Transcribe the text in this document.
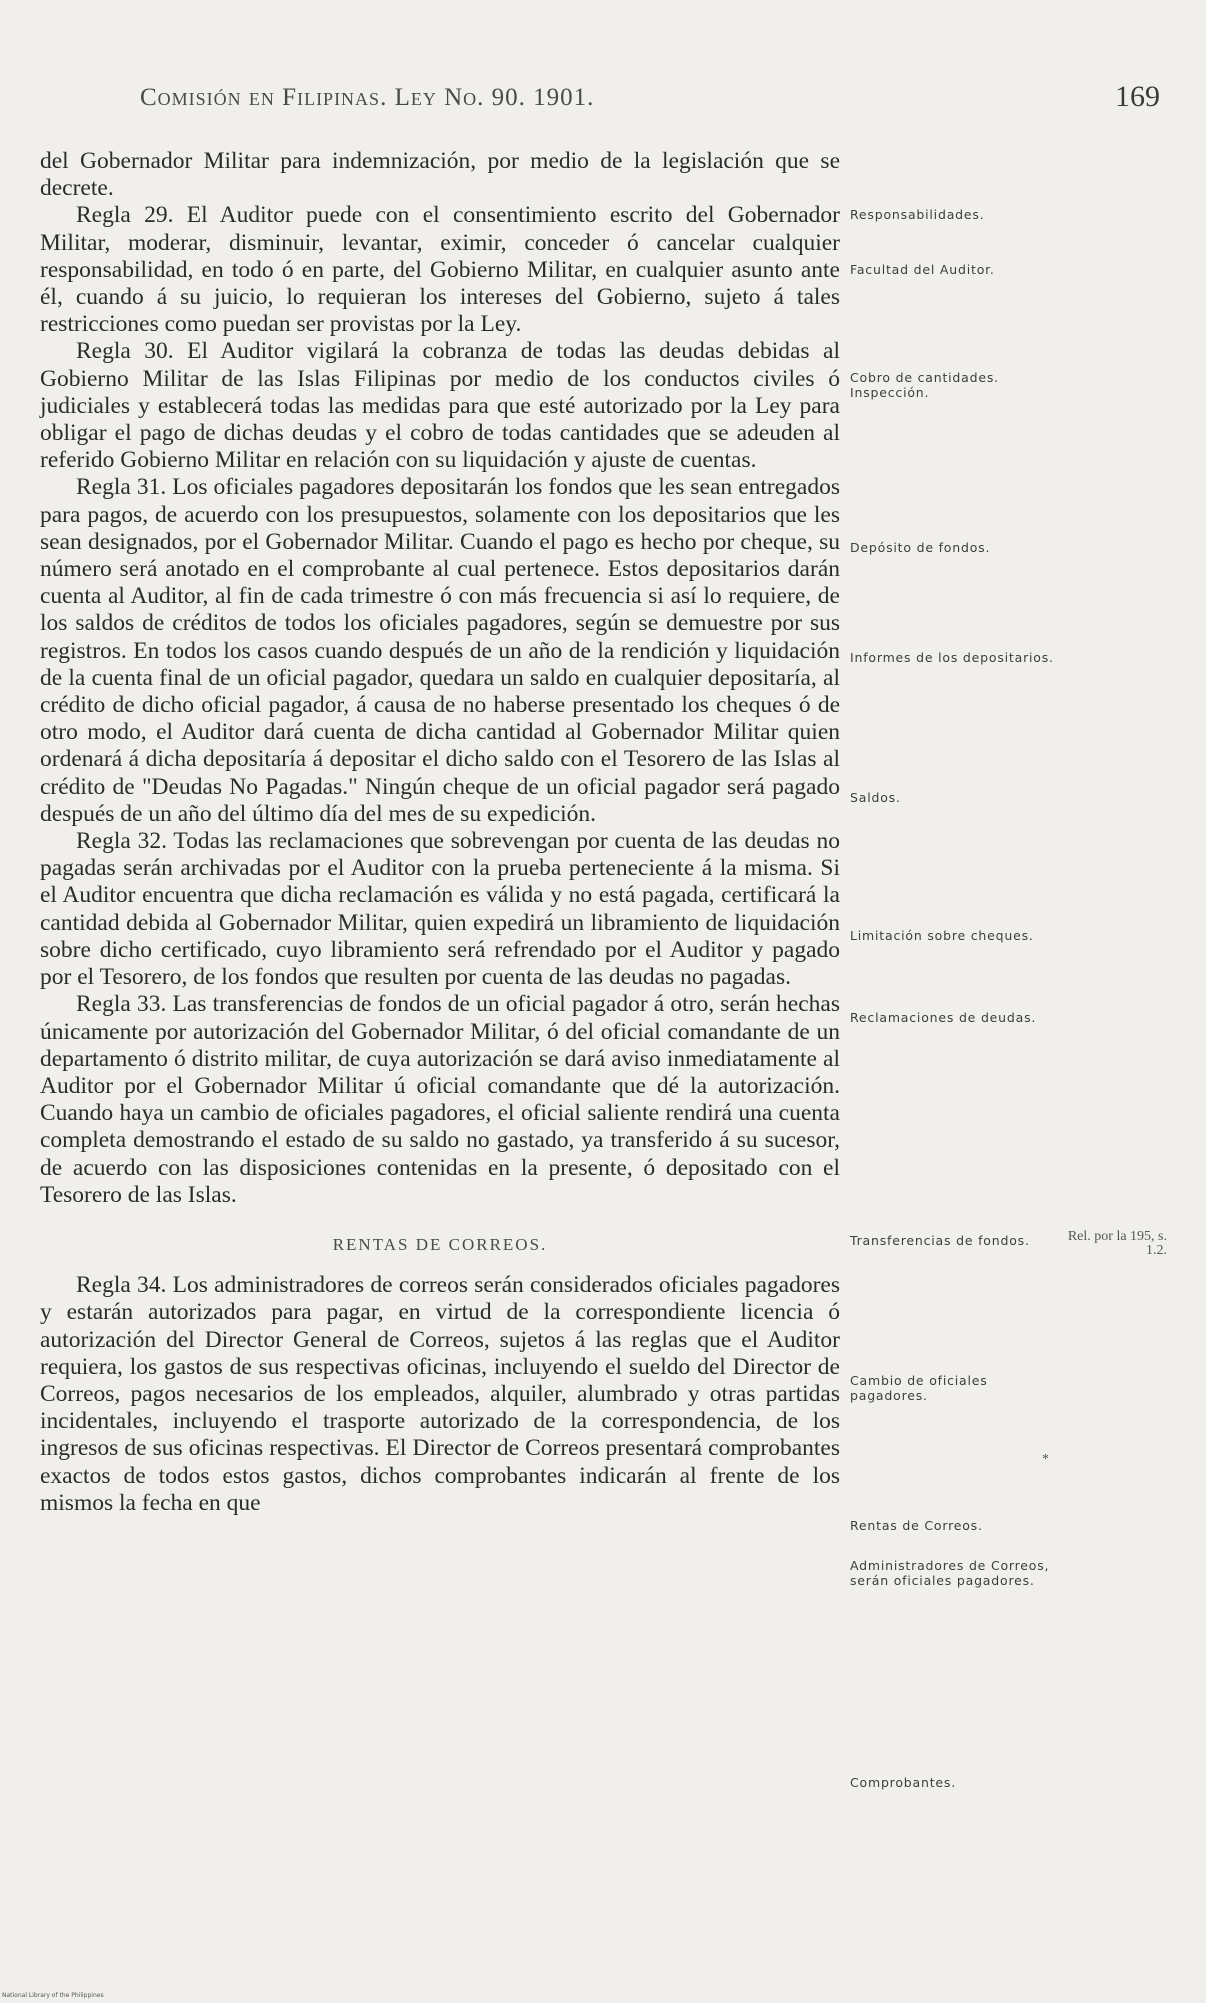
Comisión en Filipinas. Ley No. 90. 1901.	169

del Gobernador Militar para indemnización, por medio de la legislación que se decrete.

Regla 29. El Auditor puede con el consentimiento escrito del Gobernador Militar, moderar, disminuir, levantar, eximir, conceder ó cancelar cualquier responsabilidad, en todo ó en parte, del Gobierno Militar, en cualquier asunto ante él, cuando á su juicio, lo requieran los intereses del Gobierno, sujeto á tales restricciones como puedan ser provistas por la Ley.

Regla 30. El Auditor vigilará la cobranza de todas las deudas debidas al Gobierno Militar de las Islas Filipinas por medio de los conductos civiles ó judiciales y establecerá todas las medidas para que esté autorizado por la Ley para obligar el pago de dichas deudas y el cobro de todas cantidades que se adeuden al referido Gobierno Militar en relación con su liquidación y ajuste de cuentas.

Regla 31. Los oficiales pagadores depositarán los fondos que les sean entregados para pagos, de acuerdo con los presupuestos, solamente con los depositarios que les sean designados, por el Gobernador Militar. Cuando el pago es hecho por cheque, su número será anotado en el comprobante al cual pertenece. Estos depositarios darán cuenta al Auditor, al fin de cada trimestre ó con más frecuencia si así lo requiere, de los saldos de créditos de todos los oficiales pagadores, según se demuestre por sus registros. En todos los casos cuando después de un año de la rendición y liquidación de la cuenta final de un oficial pagador, quedara un saldo en cualquier depositaría, al crédito de dicho oficial pagador, á causa de no haberse presentado los cheques ó de otro modo, el Auditor dará cuenta de dicha cantidad al Gobernador Militar quien ordenará á dicha depositaría á depositar el dicho saldo con el Tesorero de las Islas al crédito de "Deudas No Pagadas." Ningún cheque de un oficial pagador será pagado después de un año del último día del mes de su expedición.

Regla 32. Todas las reclamaciones que sobrevengan por cuenta de las deudas no pagadas serán archivadas por el Auditor con la prueba perteneciente á la misma. Si el Auditor encuentra que dicha reclamación es válida y no está pagada, certificará la cantidad debida al Gobernador Militar, quien expedirá un libramiento de liquidación sobre dicho certificado, cuyo libramiento será refrendado por el Auditor y pagado por el Tesorero, de los fondos que resulten por cuenta de las deudas no pagadas.

Regla 33. Las transferencias de fondos de un oficial pagador á otro, serán hechas únicamente por autorización del Gobernador Militar, ó del oficial comandante de un departamento ó distrito militar, de cuya autorización se dará aviso inmediatamente al Auditor por el Gobernador Militar ú oficial comandante que dé la autorización. Cuando haya un cambio de oficiales pagadores, el oficial saliente rendirá una cuenta completa demostrando el estado de su saldo no gastado, ya transferido á su sucesor, de acuerdo con las disposiciones contenidas en la presente, ó depositado con el Tesorero de las Islas.

RENTAS DE CORREOS.

Regla 34. Los administradores de correos serán considerados oficiales pagadores y estarán autorizados para pagar, en virtud de la correspondiente licencia ó autorización del Director General de Correos, sujetos á las reglas que el Auditor requiera, los gastos de sus respectivas oficinas, incluyendo el sueldo del Director de Correos, pagos necesarios de los empleados, alquiler, alumbrado y otras partidas incidentales, incluyendo el trasporte autorizado de la correspondencia, de los ingresos de sus oficinas respectivas. El Director de Correos presentará comprobantes exactos de todos estos gastos, dichos comprobantes indicarán al frente de los mismos la fecha en que

Responsabilidades.
Facultad del Auditor.
Cobro de cantidades. Inspección.
Depósito de fondos.
Informes de los depositarios.
Saldos.
Limitación sobre cheques.
Reclamaciones de deudas.
Transferencias de fondos.
Cambio de oficiales pagadores.
Rentas de Correos.
Administradores de Correos, serán oficiales pagadores.
Comprobantes.
Rel. por la 195, s. 1.2.
*
National Library of the Philippines
